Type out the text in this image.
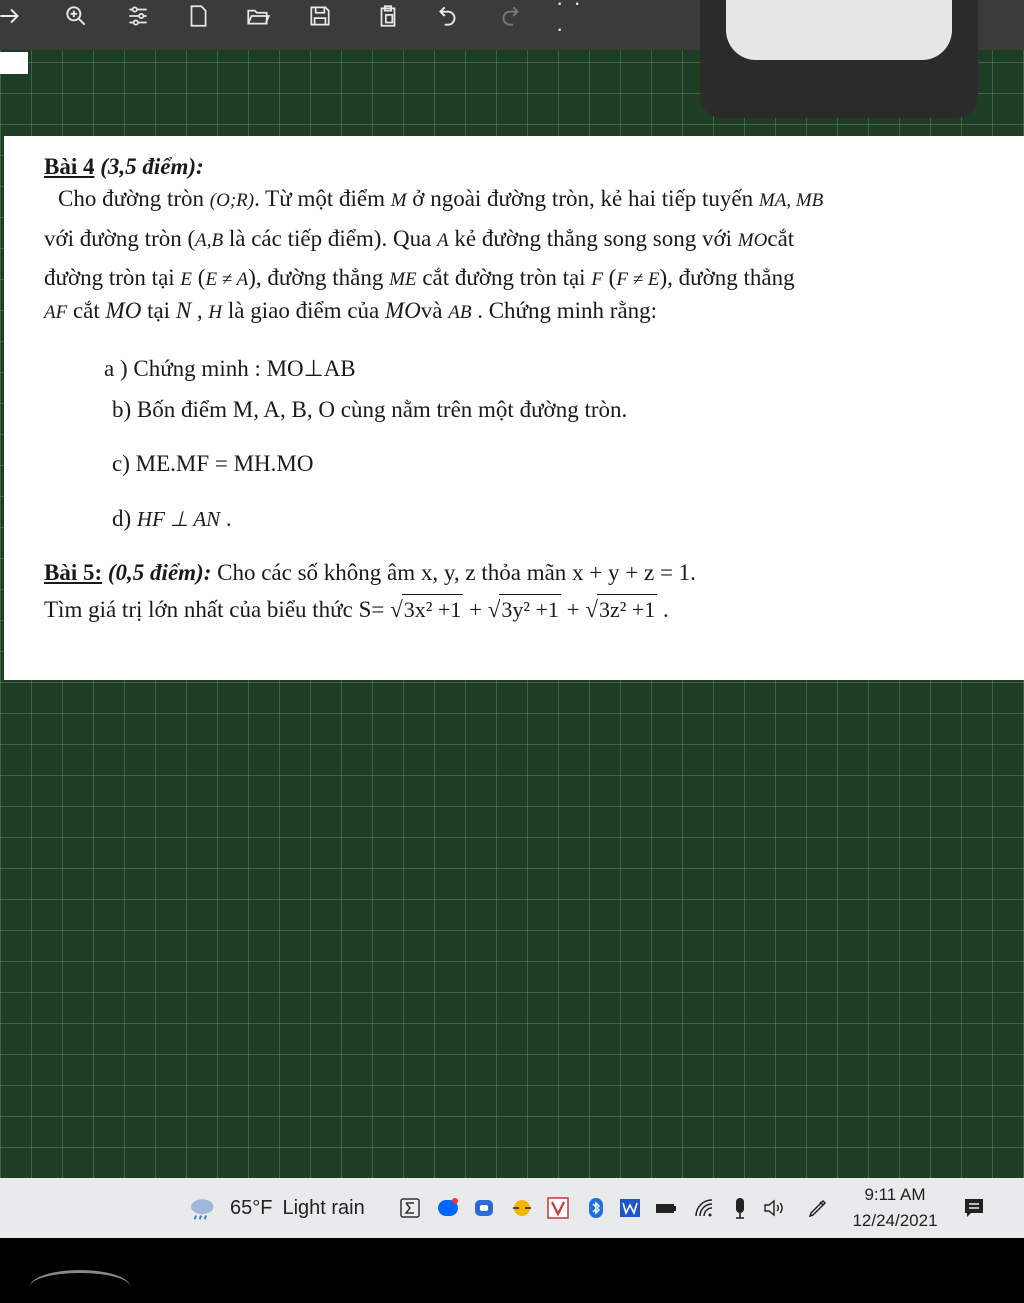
· · ·

Bài 4 (3,5 điểm):

Cho đường tròn (O;R). Từ một điểm M ở ngoài đường tròn, kẻ hai tiếp tuyến MA, MB

với đường tròn (A,B là các tiếp điểm). Qua A kẻ đường thẳng song song với MOcắt

đường tròn tại E (E ≠ A), đường thẳng ME cắt đường tròn tại F (F ≠ E), đường thẳng

AF cắt MO tại N , H là giao điểm của MOvà AB . Chứng minh rằng:

a ) Chứng minh : MO⊥AB

b) Bốn điểm M, A, B, O cùng nằm trên một đường tròn.

c) ME.MF = MH.MO

d) HF ⊥ AN .

Bài 5: (0,5 điểm): Cho các số không âm x, y, z thỏa mãn x + y + z = 1.

Tìm giá trị lớn nhất của biểu thức S= √3x² +1 + √3y² +1 + √3z² +1 .

65°F Light rain
9:11 AM
12/24/2021
